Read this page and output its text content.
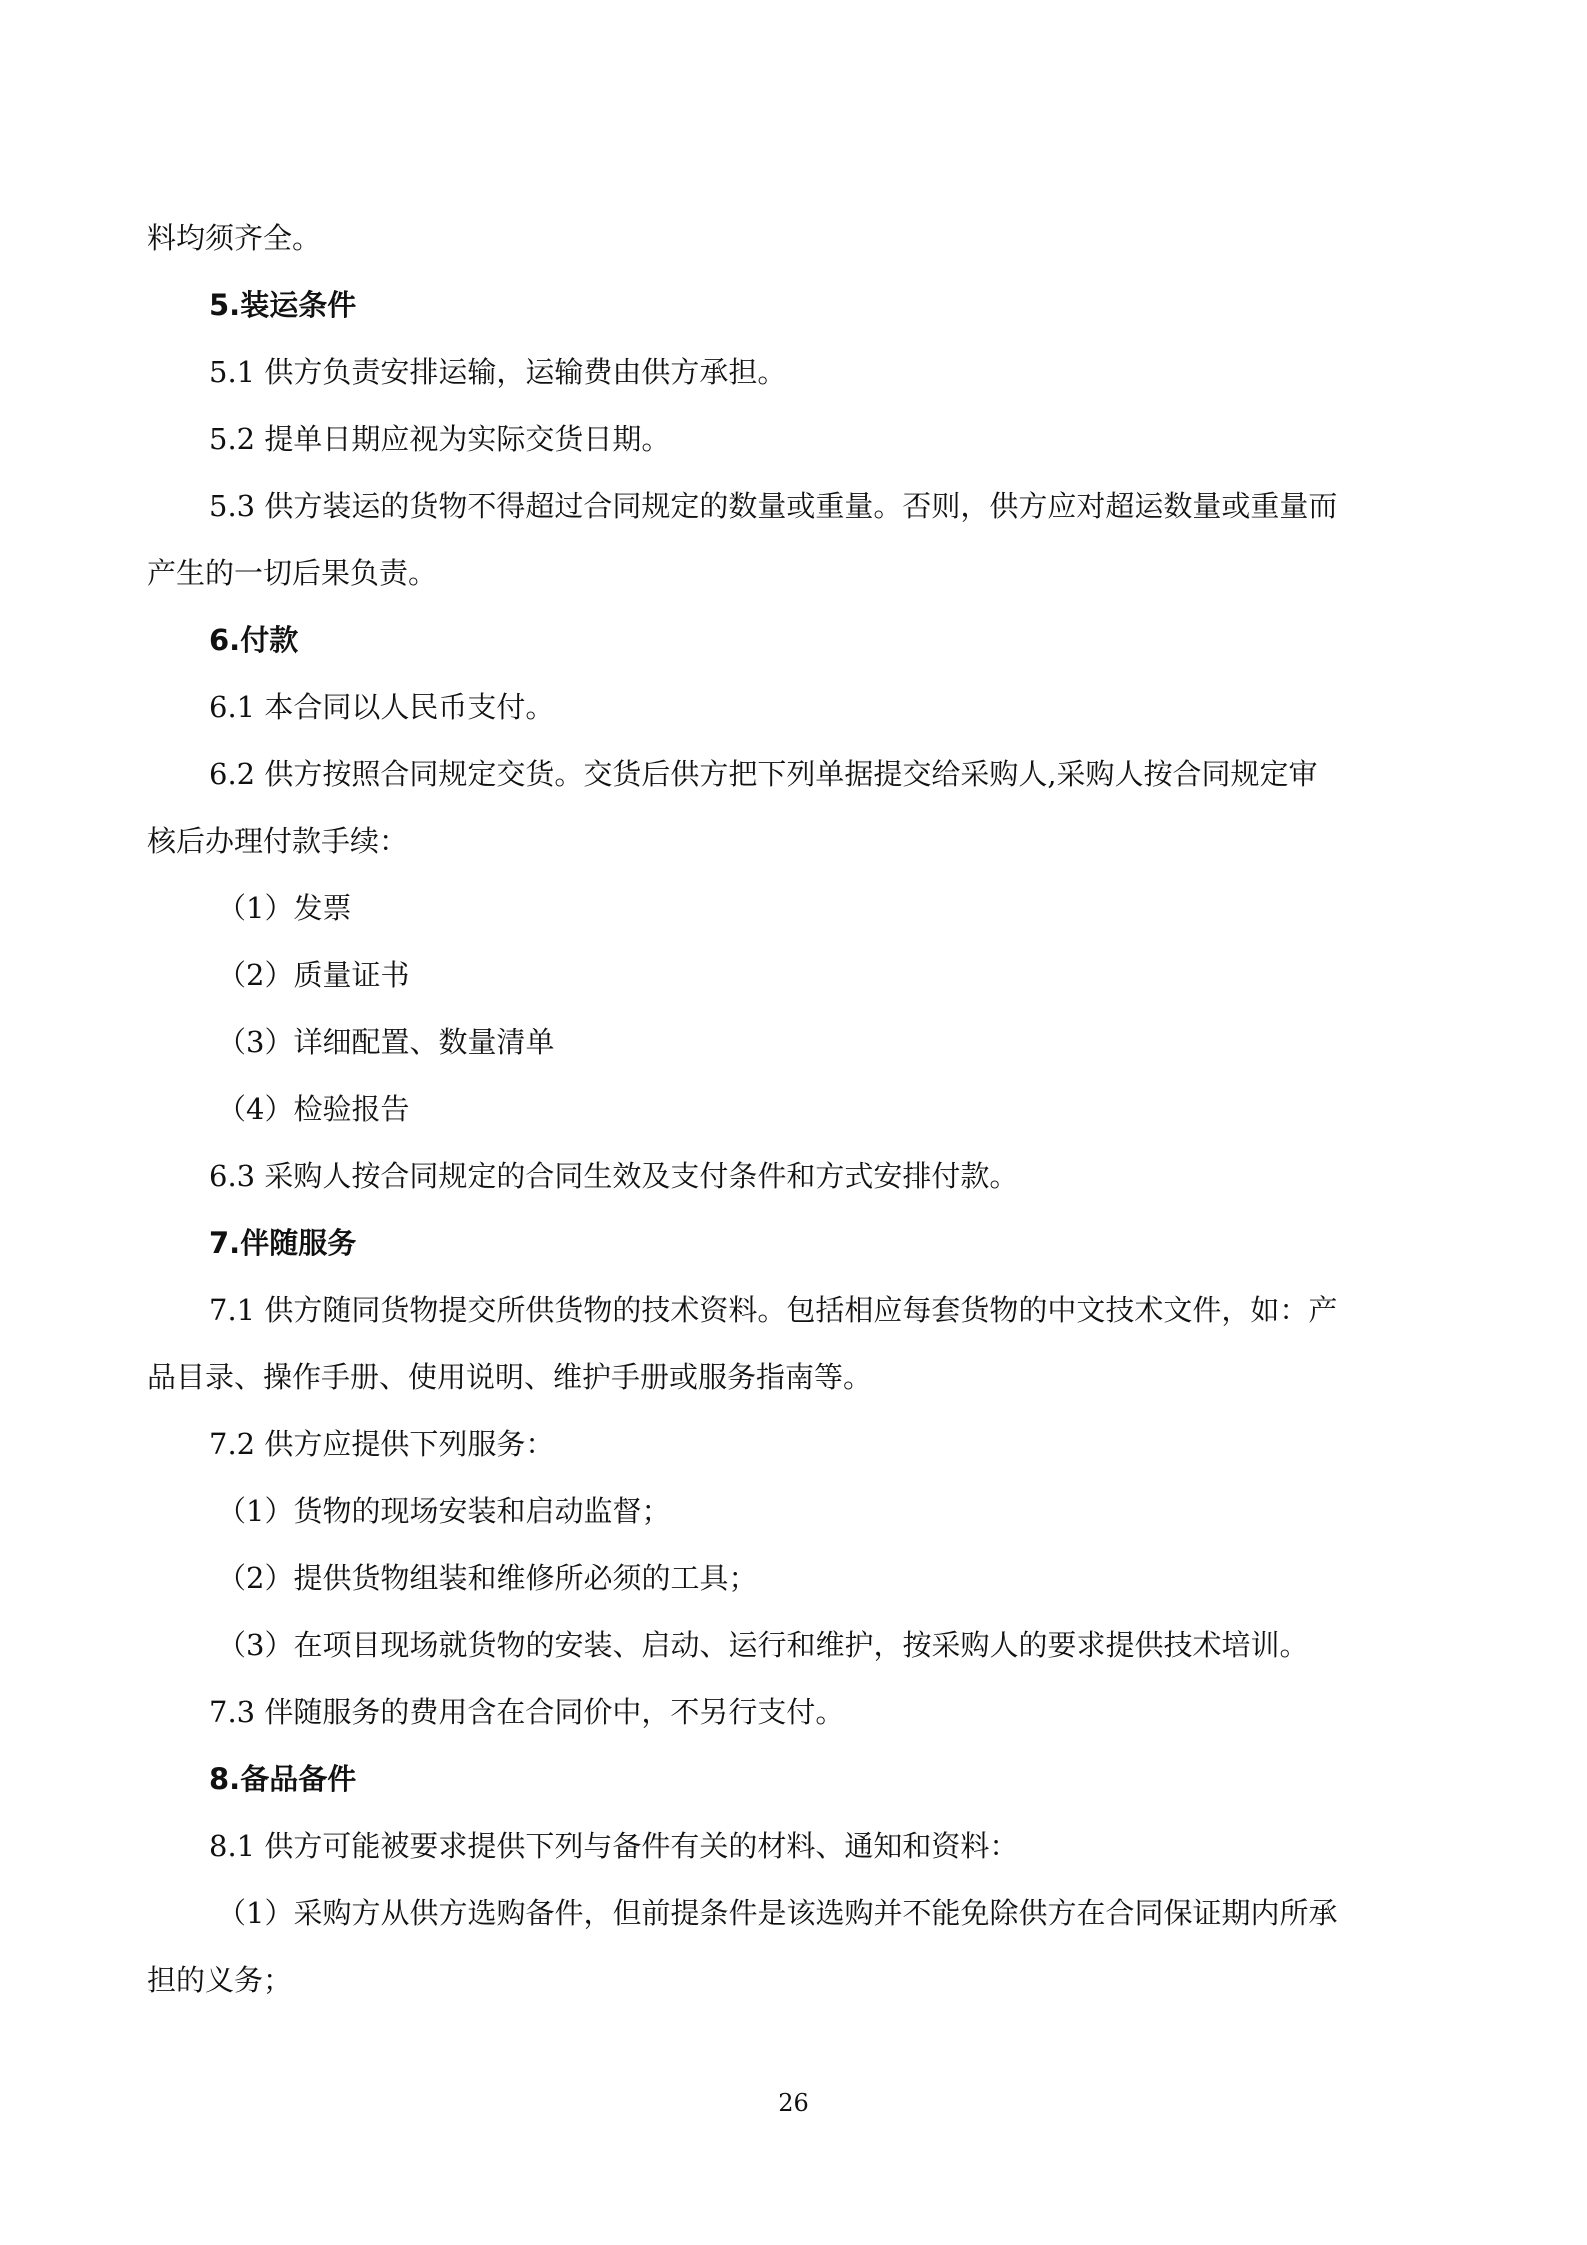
料均须齐全。

5.装运条件

5.1 供方负责安排运输，运输费由供方承担。

5.2 提单日期应视为实际交货日期。

5.3 供方装运的货物不得超过合同规定的数量或重量。否则，供方应对超运数量或重量而

产生的一切后果负责。

6.付款

6.1 本合同以人民币支付。

6.2 供方按照合同规定交货。交货后供方把下列单据提交给采购人,采购人按合同规定审

核后办理付款手续：

（1）发票

（2）质量证书

（3）详细配置、数量清单

（4）检验报告

6.3 采购人按合同规定的合同生效及支付条件和方式安排付款。

7.伴随服务

7.1 供方随同货物提交所供货物的技术资料。包括相应每套货物的中文技术文件，如：产

品目录、操作手册、使用说明、维护手册或服务指南等。

7.2 供方应提供下列服务：

（1）货物的现场安装和启动监督；

（2）提供货物组装和维修所必须的工具；

（3）在项目现场就货物的安装、启动、运行和维护，按采购人的要求提供技术培训。

7.3 伴随服务的费用含在合同价中，不另行支付。

8.备品备件

8.1 供方可能被要求提供下列与备件有关的材料、通知和资料：

（1）采购方从供方选购备件，但前提条件是该选购并不能免除供方在合同保证期内所承

担的义务；

26
